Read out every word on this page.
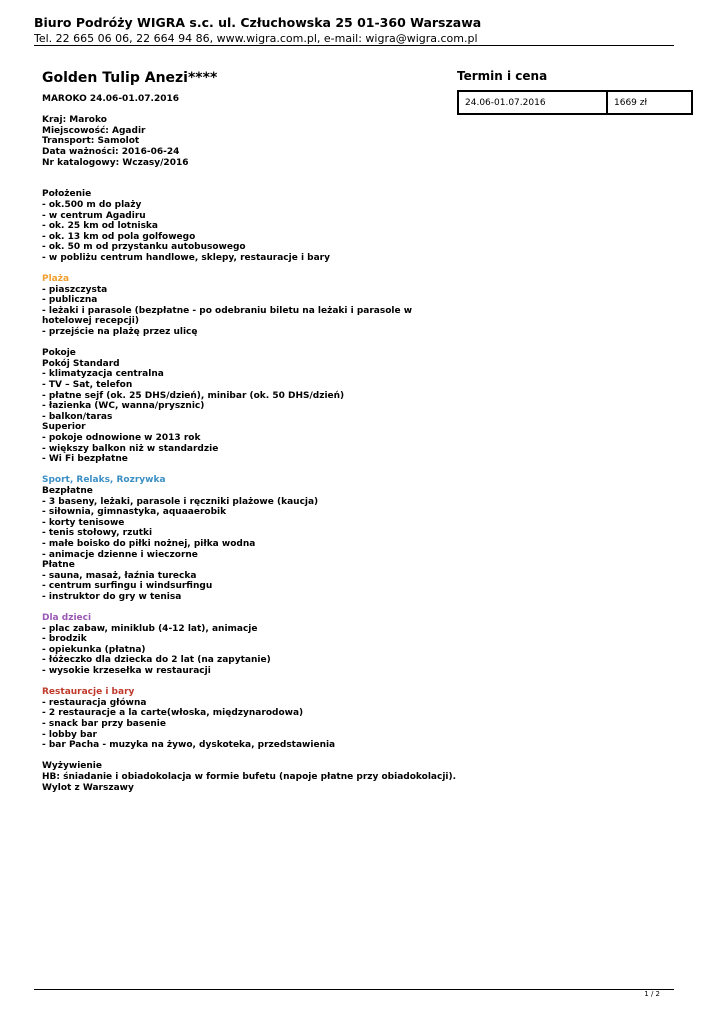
Biuro Podróży WIGRA s.c. ul. Człuchowska 25 01-360 Warszawa
Tel. 22 665 06 06, 22 664 94 86, www.wigra.com.pl, e-mail: wigra@wigra.com.pl
Golden Tulip Anezi****
MAROKO 24.06-01.07.2016
Kraj: Maroko
Miejscowość: Agadir
Transport: Samolot
Data ważności: 2016-06-24
Nr katalogowy: Wczasy/2016
Położenie
- ok.500 m do plaży
- w centrum Agadiru
- ok. 25 km od lotniska
- ok. 13 km od pola golfowego
- ok. 50 m od przystanku autobusowego
- w pobliżu centrum handlowe, sklepy, restauracje i bary
Plaża
- piaszczysta
- publiczna
- leżaki i parasole (bezpłatne - po odebraniu biletu na leżaki i parasole w
hotelowej recepcji)
- przejście na plażę przez ulicę
Pokoje
Pokój Standard
- klimatyzacja centralna
- TV – Sat, telefon
- płatne sejf (ok. 25 DHS/dzień), minibar (ok. 50 DHS/dzień)
- łazienka (WC, wanna/prysznic)
- balkon/taras
Superior
- pokoje odnowione w 2013 rok
- większy balkon niż w standardzie
- Wi Fi bezpłatne
Sport, Relaks, Rozrywka
Bezpłatne
- 3 baseny, leżaki, parasole i ręczniki plażowe (kaucja)
- siłownia, gimnastyka, aquaaerobik
- korty tenisowe
- tenis stołowy, rzutki
- małe boisko do piłki nożnej, piłka wodna
- animacje dzienne i wieczorne
Płatne
- sauna, masaż, łaźnia turecka
- centrum surfingu i windsurfingu
- instruktor do gry w tenisa
Dla dzieci
- plac zabaw, miniklub (4-12 lat), animacje
- brodzik
- opiekunka (płatna)
- łóżeczko dla dziecka do 2 lat (na zapytanie)
- wysokie krzesełka w restauracji
Restauracje i bary
- restauracja główna
- 2 restauracje a la carte(włoska, międzynarodowa)
- snack bar przy basenie
- lobby bar
- bar Pacha - muzyka na żywo, dyskoteka, przedstawienia
Wyżywienie
HB: śniadanie i obiadokolacja w formie bufetu (napoje płatne przy obiadokolacji).
Wylot z Warszawy
Termin i cena
24.06-01.07.2016	1669 zł
1 / 2
